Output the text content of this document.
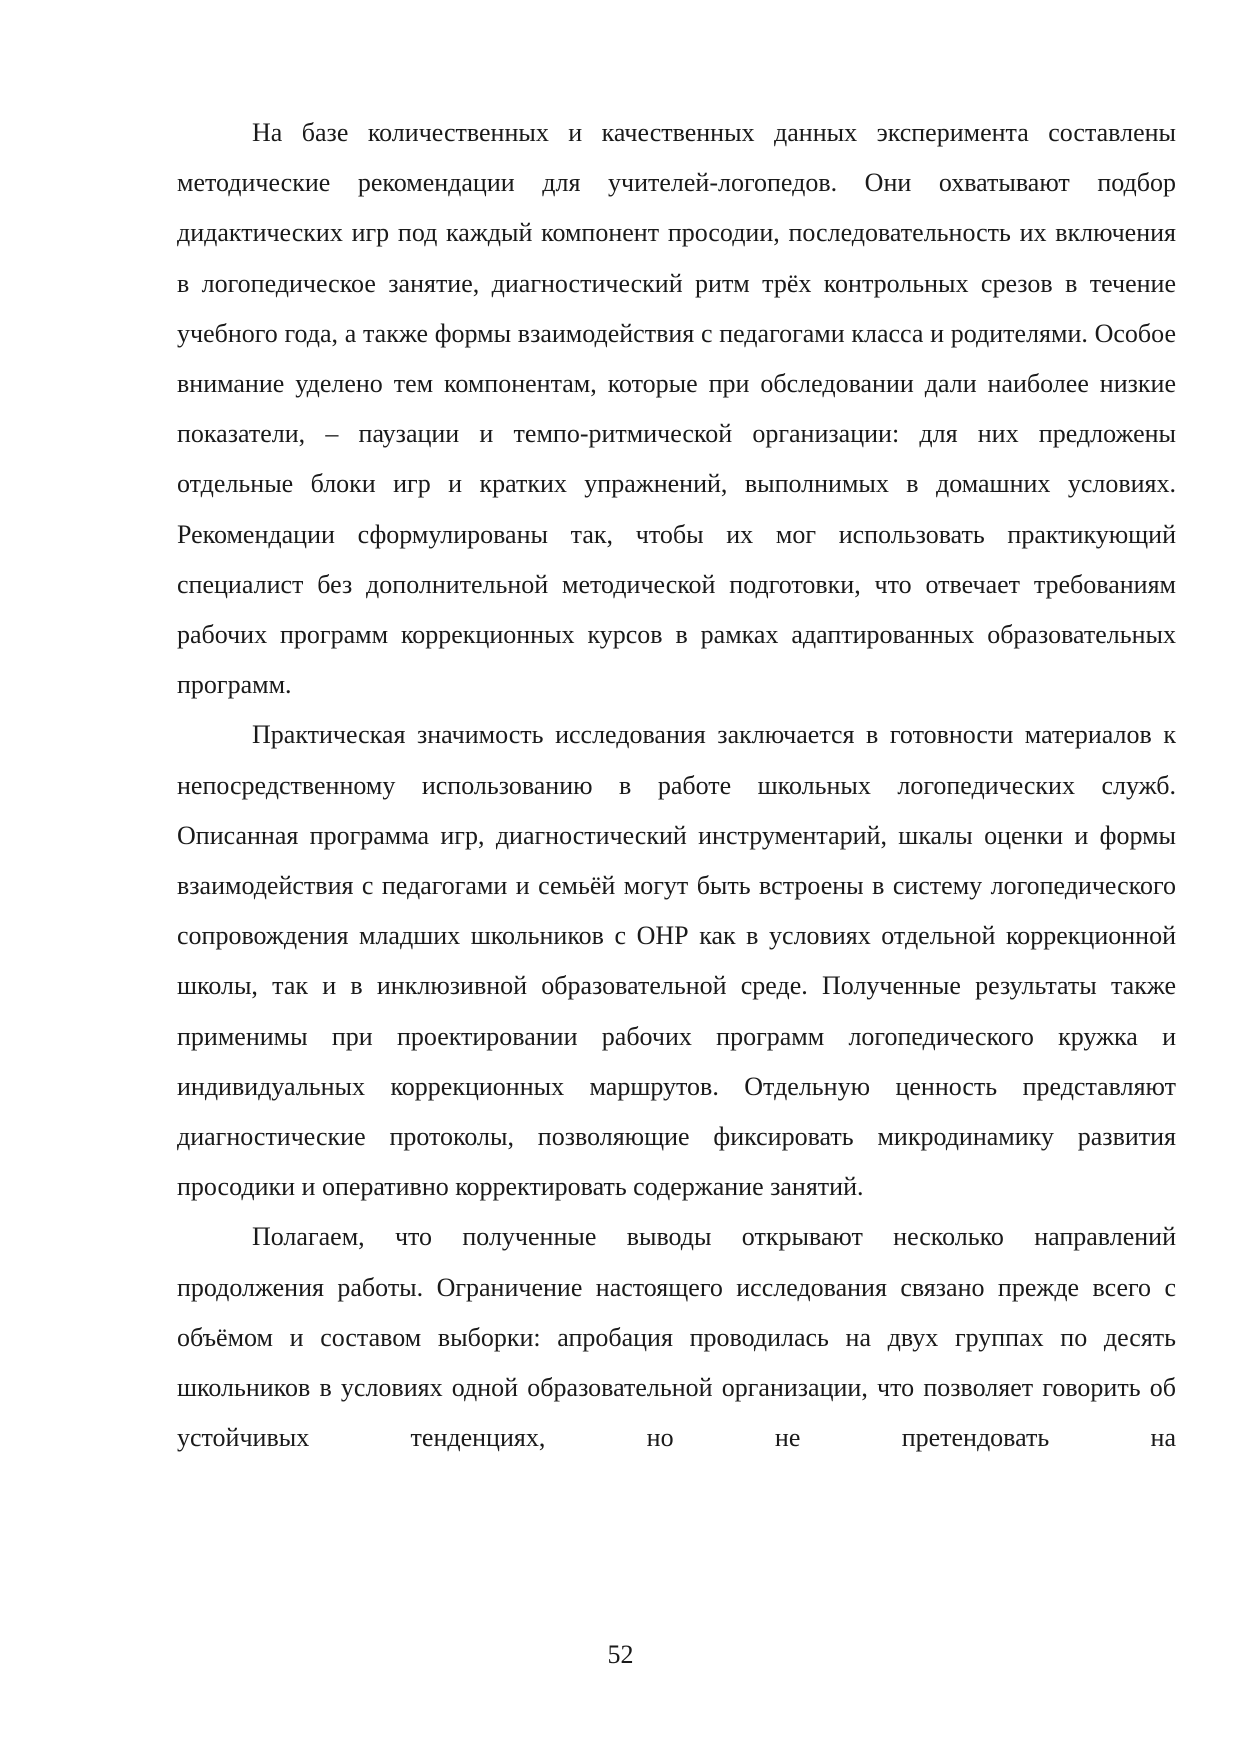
На базе количественных и качественных данных эксперимента составлены методические рекомендации для учителей-логопедов. Они охватывают подбор дидактических игр под каждый компонент просодии, последовательность их включения в логопедическое занятие, диагностический ритм трёх контрольных срезов в течение учебного года, а также формы взаимодействия с педагогами класса и родителями. Особое внимание уделено тем компонентам, которые при обследовании дали наиболее низкие показатели, – паузации и темпо-ритмической организации: для них предложены отдельные блоки игр и кратких упражнений, выполнимых в домашних условиях. Рекомендации сформулированы так, чтобы их мог использовать практикующий специалист без дополнительной методической подготовки, что отвечает требованиям рабочих программ коррекционных курсов в рамках адаптированных образовательных программ.

Практическая значимость исследования заключается в готовности материалов к непосредственному использованию в работе школьных логопедических служб. Описанная программа игр, диагностический инструментарий, шкалы оценки и формы взаимодействия с педагогами и семьёй могут быть встроены в систему логопедического сопровождения младших школьников с ОНР как в условиях отдельной коррекционной школы, так и в инклюзивной образовательной среде. Полученные результаты также применимы при проектировании рабочих программ логопедического кружка и индивидуальных коррекционных маршрутов. Отдельную ценность представляют диагностические протоколы, позволяющие фиксировать микродинамику развития просодики и оперативно корректировать содержание занятий.

Полагаем, что полученные выводы открывают несколько направлений продолжения работы. Ограничение настоящего исследования связано прежде всего с объёмом и составом выборки: апробация проводилась на двух группах по десять школьников в условиях одной образовательной организации, что позволяет говорить об устойчивых тенденциях, но не претендовать на

52
